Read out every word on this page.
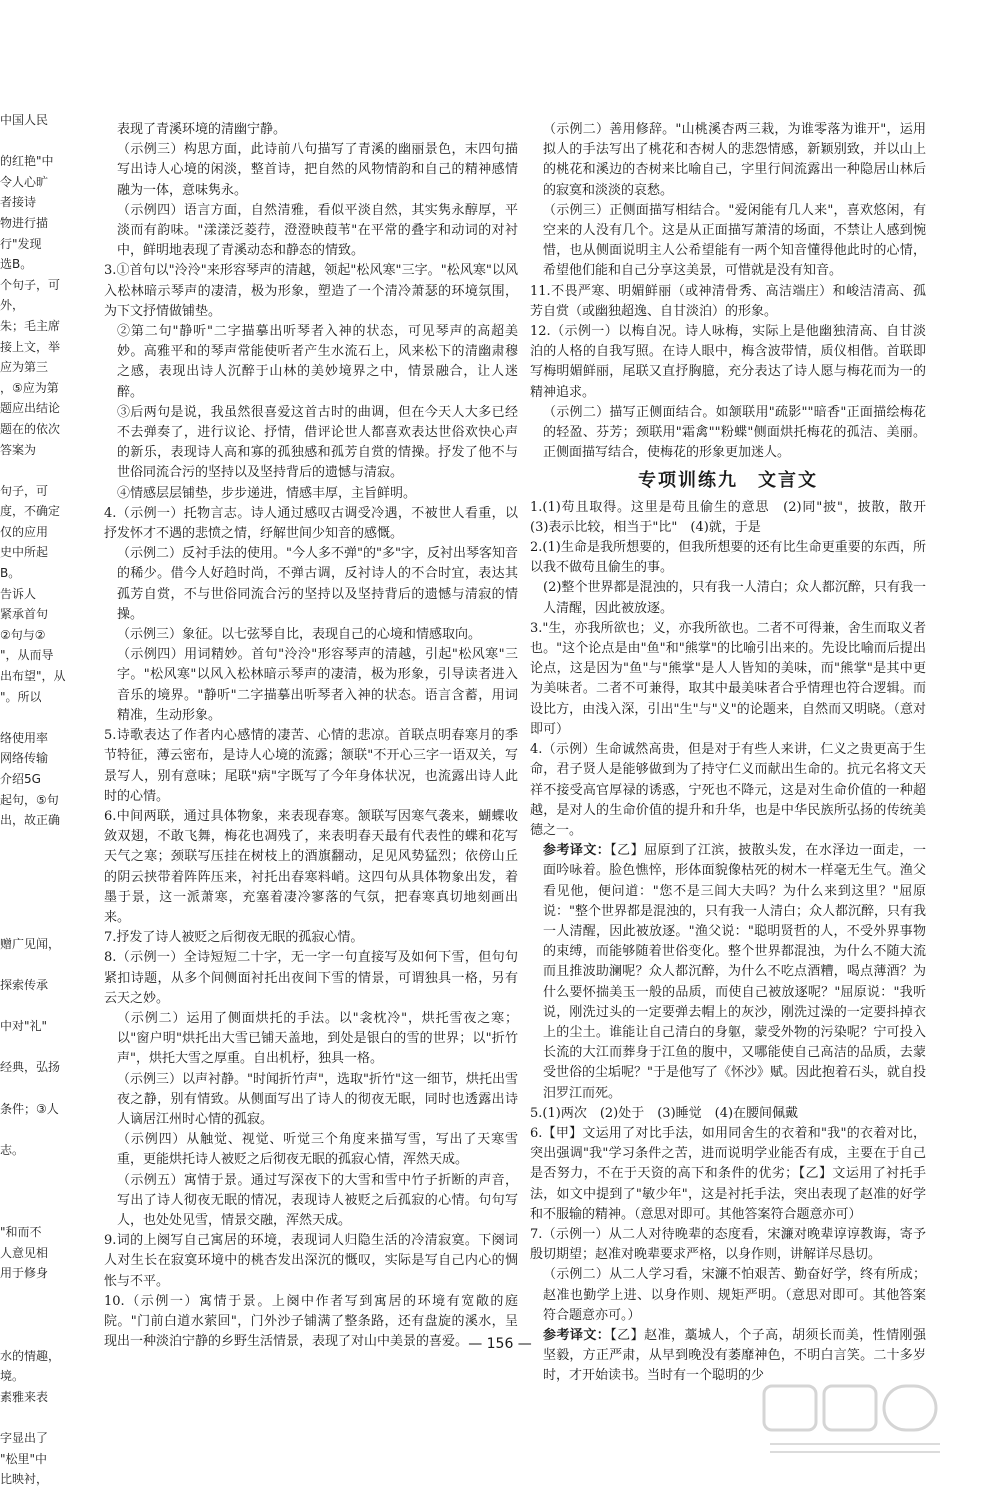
中国人民
的红艳"中
令人心旷
者接诗
物进行描
行"发现
选B。
个句子，可
外，
朱；毛主席
接上文，举
应为第三
，⑤应为第
题应出结论
题在的依次
答案为
句子，可
度，不确定
仅的应用
史中所起
B。
告诉人
紧承首句
②句与②
"，从而导
出布望"，从
"。所以
络使用率
网络传输
介绍5G
起句，⑤句
出，故正确
赠广见闻，
探索传承
中对"礼"
经典，弘扬
条件；③人
志。
"和而不
人意见相
用于修身
水的情趣，
境。
素雅来表
字显出了
"松里"中
比映衬，

表现了青溪环境的清幽宁静。

（示例三）构思方面，此诗前八句描写了青溪的幽丽景色，末四句描写出诗人心境的闲淡，整首诗，把自然的风物情韵和自己的精神感情融为一体，意味隽永。

（示例四）语言方面，自然清雅，看似平淡自然，其实隽永醇厚，平淡而有韵味。"漾漾泛菱荇，澄澄映葭苇"在平常的叠字和动词的对衬中，鲜明地表现了青溪动态和静态的情致。

3.①首句以"泠泠"来形容琴声的清越，领起"松风寒"三字。"松风寒"以风入松林暗示琴声的凄清，极为形象，塑造了一个清冷萧瑟的环境氛围，为下文抒情做铺垫。

②第二句"静听"二字描摹出听琴者入神的状态，可见琴声的高超美妙。高雅平和的琴声常能使听者产生水流石上，风来松下的清幽肃穆之感，表现出诗人沉醉于山林的美妙境界之中，情景融合，让人迷醉。

③后两句是说，我虽然很喜爱这首古时的曲调，但在今天人大多已经不去弹奏了，进行议论、抒情，借评论世人都喜欢表达世俗欢快心声的新乐，表现诗人高和寡的孤独感和孤芳自赏的情操。抒发了他不与世俗同流合污的坚持以及坚持背后的遗憾与清寂。

④情感层层铺垫，步步递进，情感丰厚，主旨鲜明。

4.（示例一）托物言志。诗人通过感叹古调受冷遇，不被世人看重，以抒发怀才不遇的悲愤之情，纾解世间少知音的感慨。

（示例二）反衬手法的使用。"今人多不弹"的"多"字，反衬出琴客知音的稀少。借今人好趋时尚，不弹古调，反衬诗人的不合时宜，表达其孤芳自赏，不与世俗同流合污的坚持以及坚持背后的遗憾与清寂的情操。

（示例三）象征。以七弦琴自比，表现自己的心境和情感取向。

（示例四）用词精妙。首句"泠泠"形容琴声的清越，引起"松风寒"三字。"松风寒"以风入松林暗示琴声的凄清，极为形象，引导读者进入音乐的境界。"静听"二字描摹出听琴者入神的状态。语言含蓄，用词精准，生动形象。

5.诗歌表达了作者内心感情的凄苦、心情的悲凉。首联点明春寒月的季节特征，薄云密布，是诗人心境的流露；颔联"不开心三字一语双关，写景写人，别有意味；尾联"病"字既写了今年身体状况，也流露出诗人此时的心情。

6.中间两联，通过具体物象，来表现春寒。颔联写因寒气袭来，蝴蝶收敛双翅，不敢飞舞，梅花也凋残了，来表明春天最有代表性的蝶和花写天气之寒；颈联写压挂在树枝上的酒旗翻动，足见风势猛烈；依傍山丘的阴云挟带着阵阵压来，衬托出春寒料峭。这四句从具体物象出发，着墨于景，这一派萧寒，充塞着凄冷寥落的气氛，把春寒真切地刻画出来。

7.抒发了诗人被贬之后彻夜无眠的孤寂心情。

8.（示例一）全诗短短二十字，无一字一句直接写及如何下雪，但句句紧扣诗题，从多个间侧面衬托出夜间下雪的情景，可谓独具一格，另有云天之妙。

（示例二）运用了侧面烘托的手法。以"衾枕冷"，烘托雪夜之寒；以"窗户明"烘托出大雪已铺天盖地，到处是银白的雪的世界；以"折竹声"，烘托大雪之厚重。自出机杼，独具一格。

（示例三）以声衬静。"时闻折竹声"，选取"折竹"这一细节，烘托出雪夜之静，别有情致。从侧面写出了诗人的彻夜无眠，同时也透露出诗人谪居江州时心情的孤寂。

（示例四）从触觉、视觉、听觉三个角度来描写雪，写出了天寒雪重，更能烘托诗人被贬之后彻夜无眠的孤寂心情，浑然天成。

（示例五）寓情于景。通过写深夜下的大雪和雪中竹子折断的声音，写出了诗人彻夜无眠的情况，表现诗人被贬之后孤寂的心情。句句写人，也处处见雪，情景交融，浑然天成。

9.词的上阕写自己寓居的环境，表现词人归隐生活的冷清寂寞。下阕词人对生长在寂寞环境中的桃杏发出深沉的慨叹，实际是写自己内心的惆怅与不平。

10.（示例一）寓情于景。上阕中作者写到寓居的环境有宽敞的庭院。"门前白道水萦回"，门外沙子铺满了整条路，还有盘旋的溪水，呈现出一种淡泊宁静的乡野生活情景，表现了对山中美景的喜爱。

（示例二）善用修辞。"山桃溪杏两三栽，为谁零落为谁开"，运用拟人的手法写出了桃花和杏树人的悲怨情感，新颖别致，并以山上的桃花和溪边的杏树来比喻自己，字里行间流露出一种隐居山林后的寂寞和淡淡的哀愁。

（示例三）正侧面描写相结合。"爱闲能有几人来"，喜欢悠闲，有空来的人没有几个。这是从正面描写萧清的场面，不禁让人感到惋惜，也从侧面说明主人公希望能有一两个知音懂得他此时的心情，希望他们能和自己分享这美景，可惜就是没有知音。

11.不畏严寒、明媚鲜丽（或神清骨秀、高洁端庄）和峻洁清高、孤芳自赏（或幽独超逸、自甘淡泊）的形象。

12.（示例一）以梅自况。诗人咏梅，实际上是他幽独清高、自甘淡泊的人格的自我写照。在诗人眼中，梅含波带情，质仪相偕。首联即写梅明媚鲜丽，尾联又直抒胸臆，充分表达了诗人愿与梅花而为一的精神追求。

（示例二）描写正侧面结合。如颔联用"疏影""暗香"正面描绘梅花的轻盈、芬芳；颈联用"霜禽""粉蝶"侧面烘托梅花的孤洁、美丽。正侧面描写结合，使梅花的形象更加迷人。

专项训练九　文言文

1.(1)苟且取得。这里是苟且偷生的意思　(2)同"披"，披散，散开　(3)表示比较，相当于"比"　(4)就，于是

2.(1)生命是我所想要的，但我所想要的还有比生命更重要的东西，所以我不做苟且偷生的事。

(2)整个世界都是混浊的，只有我一人清白；众人都沉醉，只有我一人清醒，因此被放逐。

3."生，亦我所欲也；义，亦我所欲也。二者不可得兼，舍生而取义者也。"这个论点是由"鱼"和"熊掌"的比喻引出来的。先设比喻而后提出论点，这是因为"鱼"与"熊掌"是人人皆知的美味，而"熊掌"是其中更为美味者。二者不可兼得，取其中最美味者合乎情理也符合逻辑。而设比方，由浅入深，引出"生"与"义"的论题来，自然而又明晓。（意对即可）

4.（示例）生命诚然高贵，但是对于有些人来讲，仁义之贵更高于生命，君子贤人是能够做到为了持守仁义而献出生命的。抗元名将文天祥不接受高官厚禄的诱惑，宁死也不降元，这是对生命价值的一种超越，是对人的生命价值的提升和升华，也是中华民族所弘扬的传统美德之一。

参考译文：【乙】屈原到了江滨，披散头发，在水泽边一面走，一面吟咏着。脸色憔悴，形体面貌像枯死的树木一样毫无生气。渔父看见他，便问道："您不是三闾大夫吗？为什么来到这里？"屈原说："整个世界都是混浊的，只有我一人清白；众人都沉醉，只有我一人清醒，因此被放逐。"渔父说："聪明贤哲的人，不受外界事物的束缚，而能够随着世俗变化。整个世界都混浊，为什么不随大流而且推波助澜呢？众人都沉醉，为什么不吃点酒糟，喝点薄酒？为什么要怀揣美玉一般的品质，而使自己被放逐呢？"屈原说："我听说，刚洗过头的一定要弹去帽上的灰沙，刚洗过澡的一定要抖掉衣上的尘土。谁能让自己清白的身躯，蒙受外物的污染呢？宁可投入长流的大江而葬身于江鱼的腹中，又哪能使自己高洁的品质，去蒙受世俗的尘垢呢？"于是他写了《怀沙》赋。因此抱着石头，就自投汨罗江而死。

5.(1)两次　(2)处于　(3)睡觉　(4)在腰间佩戴

6.【甲】文运用了对比手法，如用同舍生的衣着和"我"的衣着对比，突出强调"我"学习条件之苦，进而说明学业能否有成，主要在于自己是否努力，不在于天资的高下和条件的优劣；【乙】文运用了衬托手法，如文中提到了"敏少年"，这是衬托手法，突出表现了赵准的好学和不服输的精神。（意思对即可。其他答案符合题意亦可）

7.（示例一）从二人对待晚辈的态度看，宋濂对晚辈谆谆教诲，寄予殷切期望；赵准对晚辈要求严格，以身作则，讲解详尽恳切。

（示例二）从二人学习看，宋濂不怕艰苦、勤奋好学，终有所成；赵准也勤学上进、以身作则、规矩严明。（意思对即可。其他答案符合题意亦可。）

参考译文：【乙】赵准，藁城人，个子高，胡须长而美，性情刚强坚毅，方正严肃，从早到晚没有萎靡神色，不明白言笑。二十多岁时，才开始读书。当时有一个聪明的少

— 156 —
